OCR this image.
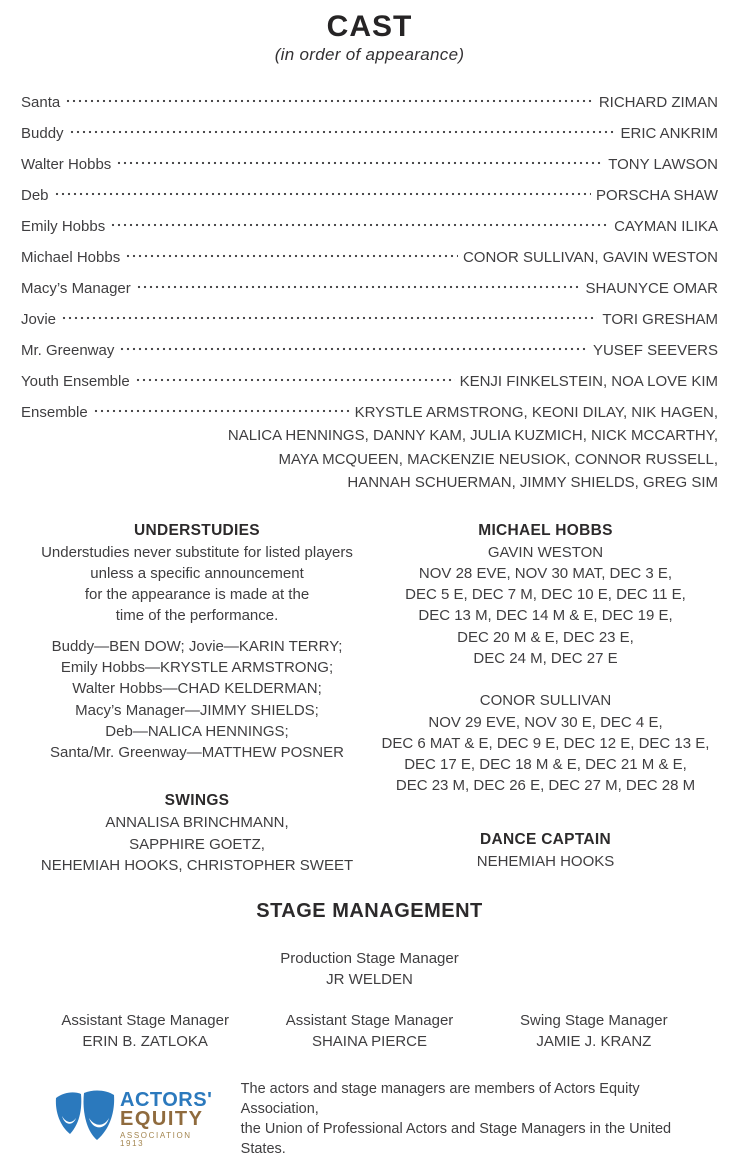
CAST
(in order of appearance)
Santa	RICHARD ZIMAN
Buddy	ERIC ANKRIM
Walter Hobbs	TONY LAWSON
Deb	PORSCHA SHAW
Emily Hobbs	CAYMAN ILIKA
Michael Hobbs	CONOR SULLIVAN, GAVIN WESTON
Macy’s Manager	SHAUNYCE OMAR
Jovie	TORI GRESHAM
Mr. Greenway	YUSEF SEEVERS
Youth Ensemble	KENJI FINKELSTEIN, NOA LOVE KIM
Ensemble	KRYSTLE ARMSTRONG, KEONI DILAY, NIK HAGEN,
NALICA HENNINGS, DANNY KAM, JULIA KUZMICH, NICK MCCARTHY,
MAYA MCQUEEN, MACKENZIE NEUSIOK, CONNOR RUSSELL,
HANNAH SCHUERMAN, JIMMY SHIELDS, GREG SIM
UNDERSTUDIES
Understudies never substitute for listed players
unless a specific announcement
for the appearance is made at the
time of the performance.
Buddy—BEN DOW; Jovie—KARIN TERRY;
Emily Hobbs—KRYSTLE ARMSTRONG;
Walter Hobbs—CHAD KELDERMAN;
Macy’s Manager—JIMMY SHIELDS;
Deb—NALICA HENNINGS;
Santa/Mr. Greenway—MATTHEW POSNER
SWINGS
ANNALISA BRINCHMANN,
SAPPHIRE GOETZ,
NEHEMIAH HOOKS, CHRISTOPHER SWEET
MICHAEL HOBBS
GAVIN WESTON
NOV 28 EVE, NOV 30 MAT, DEC 3 E,
DEC 5 E, DEC 7 M, DEC 10 E, DEC 11 E,
DEC 13 M, DEC 14 M & E, DEC 19 E,
DEC 20 M & E, DEC 23 E,
DEC 24 M, DEC 27 E
CONOR SULLIVAN
NOV 29 EVE, NOV 30 E, DEC 4 E,
DEC 6 MAT & E, DEC 9 E, DEC 12 E, DEC 13 E,
DEC 17 E, DEC 18 M & E, DEC 21 M & E,
DEC 23 M, DEC 26 E, DEC 27 M, DEC 28 M
DANCE CAPTAIN
NEHEMIAH HOOKS
STAGE MANAGEMENT
Production Stage Manager
JR WELDEN
Assistant Stage Manager
ERIN B. ZATLOKA
Assistant Stage Manager
SHAINA PIERCE
Swing Stage Manager
JAMIE J. KRANZ
ACTORS'
EQUITY
ASSOCIATION 1913
The actors and stage managers are members of Actors Equity Association,
the Union of Professional Actors and Stage Managers in the United States.
